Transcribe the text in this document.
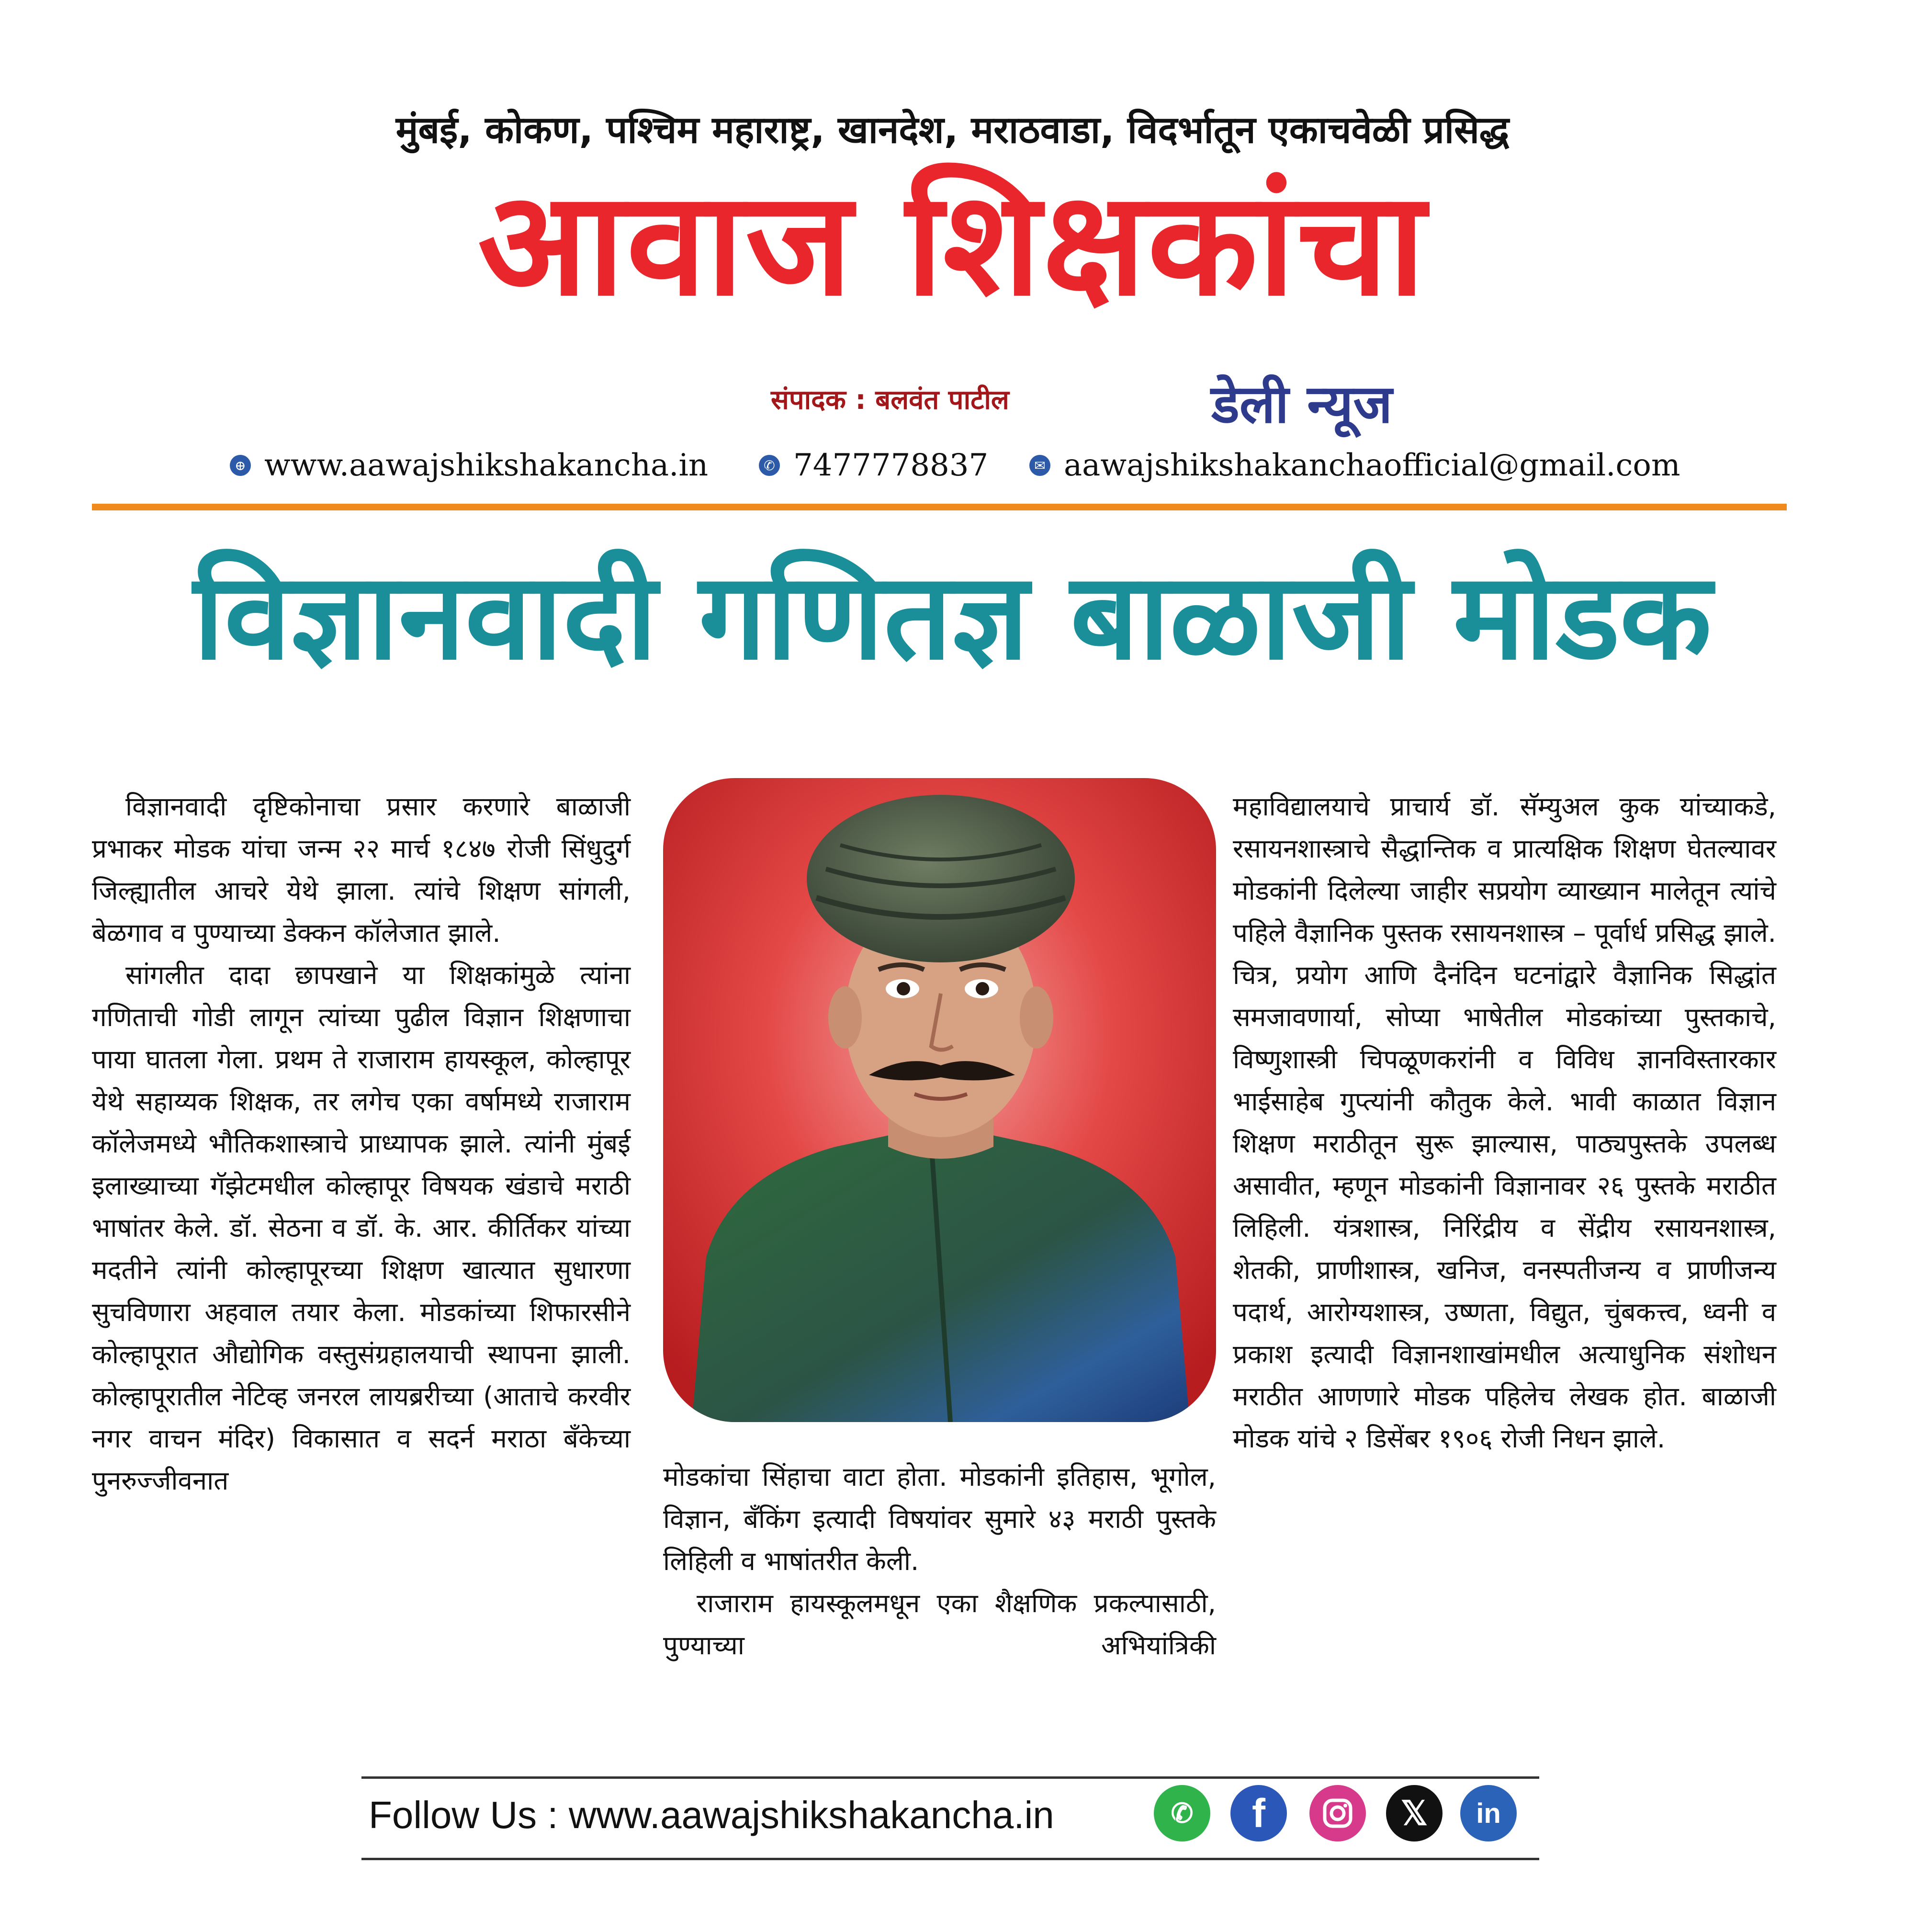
मुंबई, कोकण, पश्चिम महाराष्ट्र, खानदेश, मराठवाडा, विदर्भातून एकाचवेळी प्रसिद्ध
आवाज शिक्षकांचा
संपादक : बलवंत पाटील	डेली न्यूज
⊕ www.aawajshikshakancha.in	✆ 7477778837	✉ aawajshikshakanchaofficial@gmail.com
विज्ञानवादी गणितज्ञ बाळाजी मोडक

विज्ञानवादी दृष्टिकोनाचा प्रसार करणारे बाळाजी प्रभाकर मोडक यांचा जन्म २२ मार्च १८४७ रोजी सिंधुदुर्ग जिल्ह्यातील आचरे येथे झाला. त्यांचे शिक्षण सांगली, बेळगाव व पुण्याच्या डेक्कन कॉलेजात झाले.

सांगलीत दादा छापखाने या शिक्षकांमुळे त्यांना गणिताची गोडी लागून त्यांच्या पुढील विज्ञान शिक्षणाचा पाया घातला गेला. प्रथम ते राजाराम हायस्कूल, कोल्हापूर येथे सहाय्यक शिक्षक, तर लगेच एका वर्षामध्ये राजाराम कॉलेजमध्ये भौतिकशास्त्राचे प्राध्यापक झाले. त्यांनी मुंबई इलाख्याच्या गॅझेटमधील कोल्हापूर विषयक खंडाचे मराठी भाषांतर केले. डॉ. सेठना व डॉ. के. आर. कीर्तिकर यांच्या मदतीने त्यांनी कोल्हापूरच्या शिक्षण खात्यात सुधारणा सुचविणारा अहवाल तयार केला. मोडकांच्या शिफारसीने कोल्हापूरात औद्योगिक वस्तुसंग्रहालयाची स्थापना झाली. कोल्हापूरातील नेटिव्ह जनरल लायब्ररीच्या (आताचे करवीर नगर वाचन मंदिर) विकासात व सदर्न मराठा बँकेच्या पुनरुज्जीवनात	मोडकांचा सिंहाचा वाटा होता. मोडकांनी इतिहास, भूगोल, विज्ञान, बँकिंग इत्यादी विषयांवर सुमारे ४३ मराठी पुस्तके लिहिली व भाषांतरीत केली.

राजाराम हायस्कूलमधून एका शैक्षणिक प्रकल्पासाठी, पुण्याच्या अभियांत्रिकी

महाविद्यालयाचे प्राचार्य डॉ. सॅम्युअल कुक यांच्याकडे, रसायनशास्त्राचे सैद्धान्तिक व प्रात्यक्षिक शिक्षण घेतल्यावर मोडकांनी दिलेल्या जाहीर सप्रयोग व्याख्यान मालेतून त्यांचे पहिले वैज्ञानिक पुस्तक रसायनशास्त्र – पूर्वार्ध प्रसिद्ध झाले. चित्र, प्रयोग आणि दैनंदिन घटनांद्वारे वैज्ञानिक सिद्धांत समजावणार्या, सोप्या भाषेतील मोडकांच्या पुस्तकाचे, विष्णुशास्त्री चिपळूणकरांनी व विविध ज्ञानविस्तारकार भाईसाहेब गुप्त्यांनी कौतुक केले. भावी काळात विज्ञान शिक्षण मराठीतून सुरू झाल्यास, पाठ्यपुस्तके उपलब्ध असावीत, म्हणून मोडकांनी विज्ञानावर २६ पुस्तके मराठीत लिहिली. यंत्रशास्त्र, निरिंद्रीय व सेंद्रीय रसायनशास्त्र, शेतकी, प्राणीशास्त्र, खनिज, वनस्पतीजन्य व प्राणीजन्य पदार्थ, आरोग्यशास्त्र, उष्णता, विद्युत, चुंबकत्त्व, ध्वनी व प्रकाश इत्यादी विज्ञानशाखांमधील अत्याधुनिक संशोधन मराठीत आणणारे मोडक पहिलेच लेखक होत. बाळाजी मोडक यांचे २ डिसेंबर १९०६ रोजी निधन झाले.

Follow Us : www.aawajshikshakancha.in	✆	f	𝕏	in
